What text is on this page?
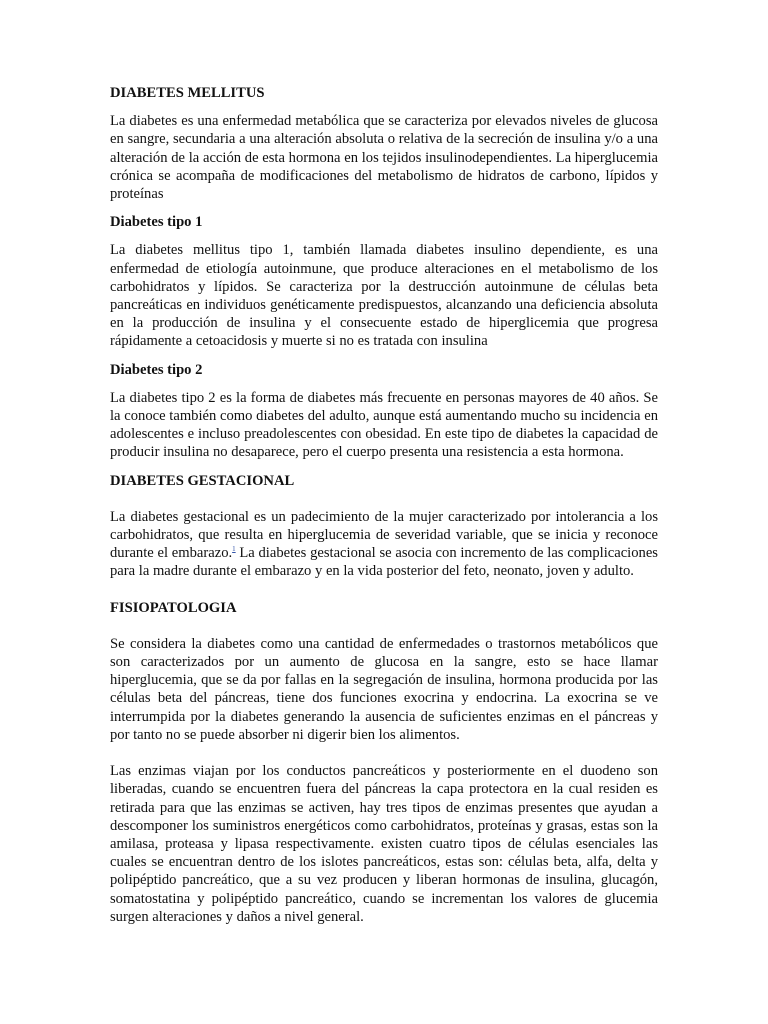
DIABETES MELLITUS

La diabetes es una enfermedad metabólica que se caracteriza por elevados niveles de glucosa en sangre, secundaria a una alteración absoluta o relativa de la secreción de insulina y/o a una alteración de la acción de esta hormona en los tejidos insulinodependientes. La hiperglucemia crónica se acompaña de modificaciones del metabolismo de hidratos de carbono, lípidos y proteínas

Diabetes tipo 1

La diabetes mellitus tipo 1, también llamada diabetes insulino dependiente, es una enfermedad de etiología autoinmune, que produce alteraciones en el metabolismo de los carbohidratos y lípidos. Se caracteriza por la destrucción autoinmune de células beta pancreáticas en individuos genéticamente predispuestos, alcanzando una deficiencia absoluta en la producción de insulina y el consecuente estado de hiperglicemia que progresa rápidamente a cetoacidosis y muerte si no es tratada con insulina

Diabetes tipo 2

La diabetes tipo 2 es la forma de diabetes más frecuente en personas mayores de 40 años. Se la conoce también como diabetes del adulto, aunque está aumentando mucho su incidencia en adolescentes e incluso preadolescentes con obesidad. En este tipo de diabetes la capacidad de producir insulina no desaparece, pero el cuerpo presenta una resistencia a esta hormona.

DIABETES GESTACIONAL

La diabetes gestacional es un padecimiento de la mujer caracterizado por intolerancia a los carbohidratos, que resulta en hiperglucemia de severidad variable, que se inicia y reconoce durante el embarazo.$^1$ La diabetes gestacional se asocia con incremento de las complicaciones para la madre durante el embarazo y en la vida posterior del feto, neonato, joven y adulto.

FISIOPATOLOGIA

Se considera la diabetes como una cantidad de enfermedades o trastornos metabólicos que son caracterizados por un aumento de glucosa en la sangre, esto se hace llamar hiperglucemia, que se da por fallas en la segregación de insulina, hormona producida por las células beta del páncreas, tiene dos funciones exocrina y endocrina. La exocrina se ve interrumpida por la diabetes generando la ausencia de suficientes enzimas en el páncreas y por tanto no se puede absorber ni digerir bien los alimentos.

Las enzimas viajan por los conductos pancreáticos y posteriormente en el duodeno son liberadas, cuando se encuentren fuera del páncreas la capa protectora en la cual residen es retirada para que las enzimas se activen, hay tres tipos de enzimas presentes que ayudan a descomponer los suministros energéticos como carbohidratos, proteínas y grasas, estas son la amilasa, proteasa y lipasa respectivamente. existen cuatro tipos de células esenciales las cuales se encuentran dentro de los islotes pancreáticos, estas son: células beta, alfa, delta y polipéptido pancreático, que a su vez producen y liberan hormonas de insulina, glucagón, somatostatina y polipéptido pancreático, cuando se incrementan los valores de glucemia surgen alteraciones y daños a nivel general.
